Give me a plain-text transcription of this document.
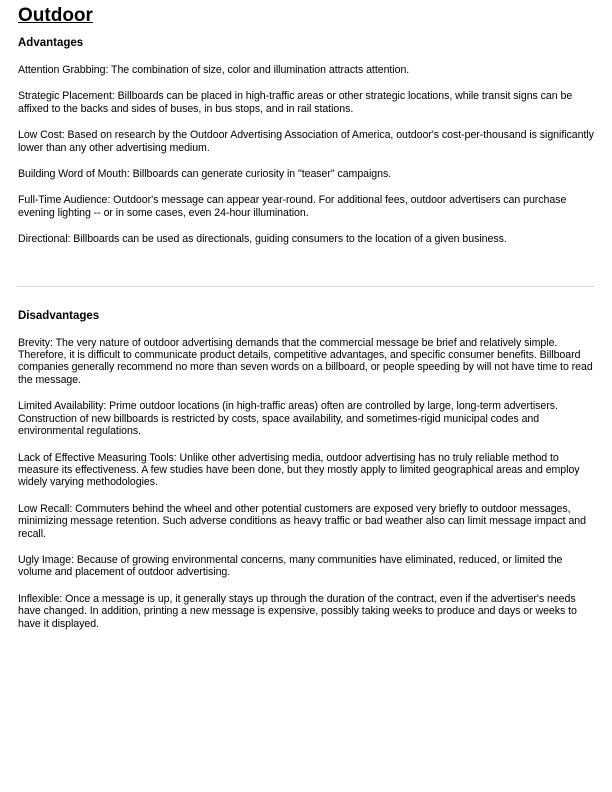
Outdoor
Advantages

Attention Grabbing: The combination of size, color and illumination attracts attention.

Strategic Placement: Billboards can be placed in high-traffic areas or other strategic locations, while transit signs can be affixed to the backs and sides of buses, in bus stops, and in rail stations.

Low Cost: Based on research by the Outdoor Advertising Association of America, outdoor's cost-per-thousand is significantly lower than any other advertising medium.

Building Word of Mouth: Billboards can generate curiosity in "teaser" campaigns.

Full-Time Audience: Outdoor's message can appear year-round. For additional fees, outdoor advertisers can purchase evening lighting -- or in some cases, even 24-hour illumination.

Directional: Billboards can be used as directionals, guiding consumers to the location of a given business.

Disadvantages

Brevity: The very nature of outdoor advertising demands that the commercial message be brief and relatively simple. Therefore, it is difficult to communicate product details, competitive advantages, and specific consumer benefits. Billboard companies generally recommend no more than seven words on a billboard, or people speeding by will not have time to read the message.

Limited Availability: Prime outdoor locations (in high-traffic areas) often are controlled by large, long-term advertisers. Construction of new billboards is restricted by costs, space availability, and sometimes-rigid municipal codes and environmental regulations.

Lack of Effective Measuring Tools: Unlike other advertising media, outdoor advertising has no truly reliable method to measure its effectiveness. A few studies have been done, but they mostly apply to limited geographical areas and employ widely varying methodologies.

Low Recall: Commuters behind the wheel and other potential customers are exposed very briefly to outdoor messages, minimizing message retention. Such adverse conditions as heavy traffic or bad weather also can limit message impact and recall.

Ugly Image: Because of growing environmental concerns, many communities have eliminated, reduced, or limited the volume and placement of outdoor advertising.

Inflexible: Once a message is up, it generally stays up through the duration of the contract, even if the advertiser's needs have changed. In addition, printing a new message is expensive, possibly taking weeks to produce and days or weeks to have it displayed.
